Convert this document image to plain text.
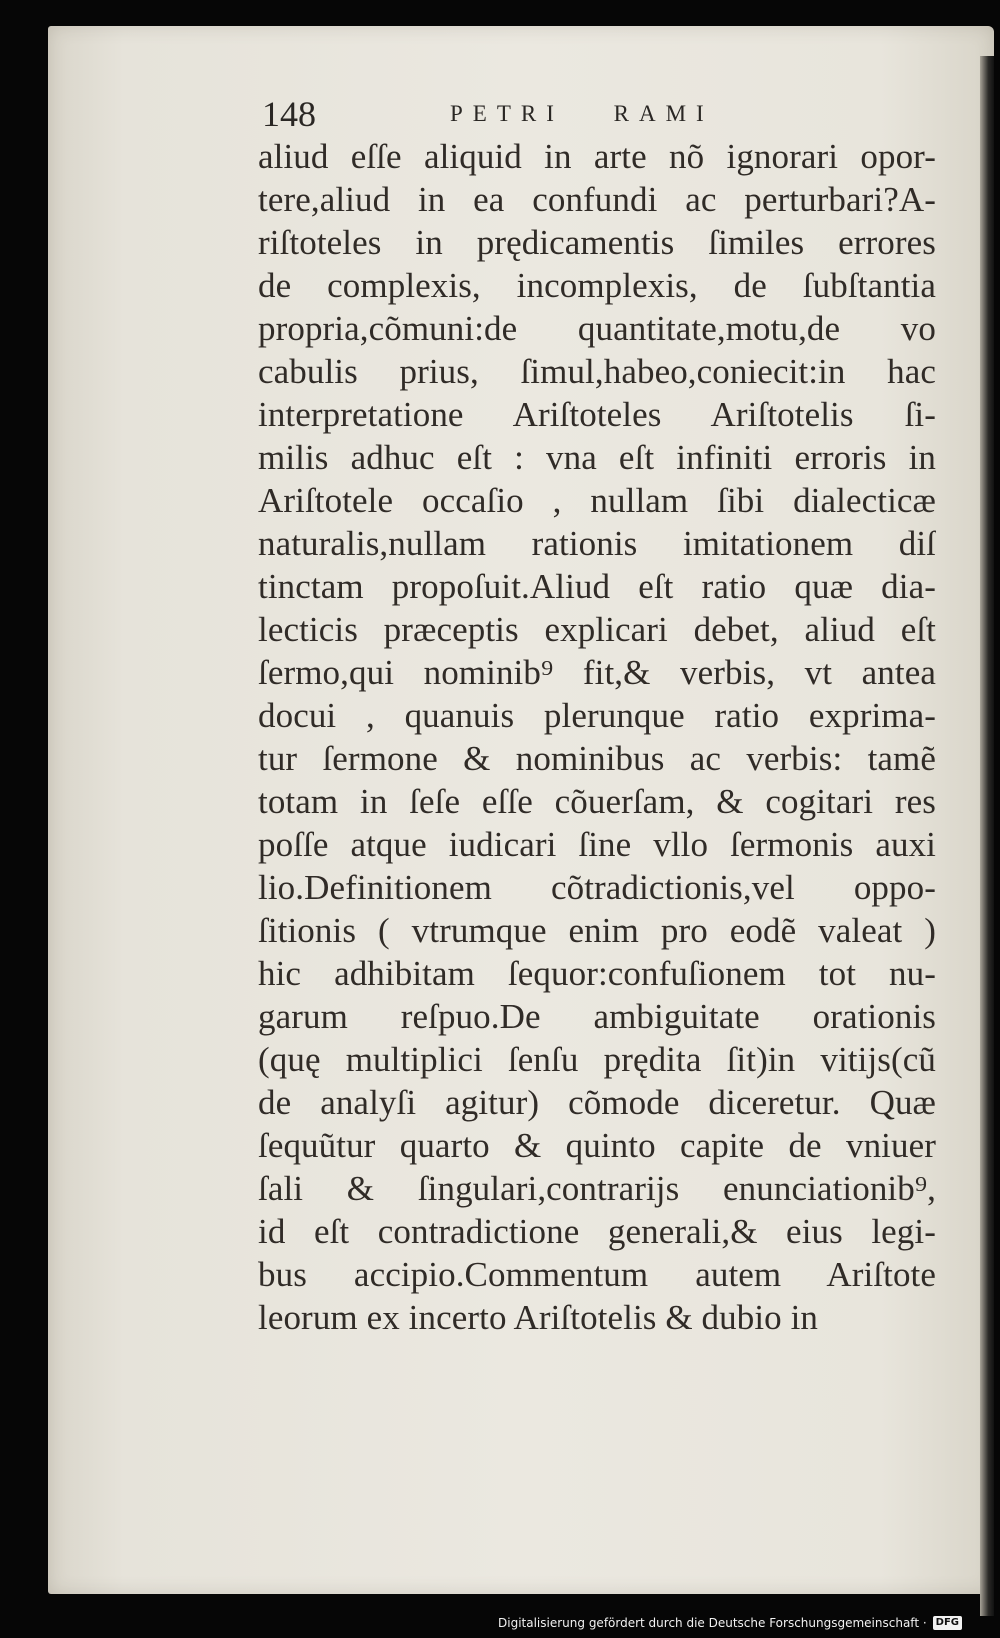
148	PETRI RAMI
aliud eſſe aliquid in arte nõ ignorari opor-
tere,aliud in ea confundi ac perturbari?A-
riſtoteles in prędicamentis ſimiles errores
de complexis, incomplexis, de ſubſtantia
propria,cõmuni:de quantitate,motu,de vo
cabulis prius, ſimul,habeo,coniecit:in hac
interpretatione Ariſtoteles Ariſtotelis ſi-
milis adhuc eſt : vna eſt infiniti erroris in
Ariſtotele occaſio , nullam ſibi dialecticæ
naturalis,nullam rationis imitationem diſ
tinctam propoſuit.Aliud eſt ratio quæ dia-
lecticis præceptis explicari debet, aliud eſt
ſermo,qui nominib⁹ fit,& verbis, vt antea
docui , quanuis plerunque ratio exprima-
tur ſermone & nominibus ac verbis: tamẽ
totam in ſeſe eſſe cõuerſam, & cogitari res
poſſe atque iudicari ſine vllo ſermonis auxi
lio.Definitionem cõtradictionis,vel oppo-
ſitionis ( vtrumque enim pro eodẽ valeat )
hic adhibitam ſequor:confuſionem tot nu-
garum reſpuo.De ambiguitate orationis
(quę multiplici ſenſu prędita ſit)in vitijs(cũ
de analyſi agitur) cõmode diceretur. Quæ
ſequũtur quarto & quinto capite de vniuer
ſali & ſingulari,contrarijs enunciationib⁹,
id eſt contradictione generali,& eius legi-
bus accipio.Commentum autem Ariſtote
leorum ex incerto Ariſtotelis & dubio in
Digitalisierung gefördert durch die Deutsche Forschungsgemeinschaft · DFG
